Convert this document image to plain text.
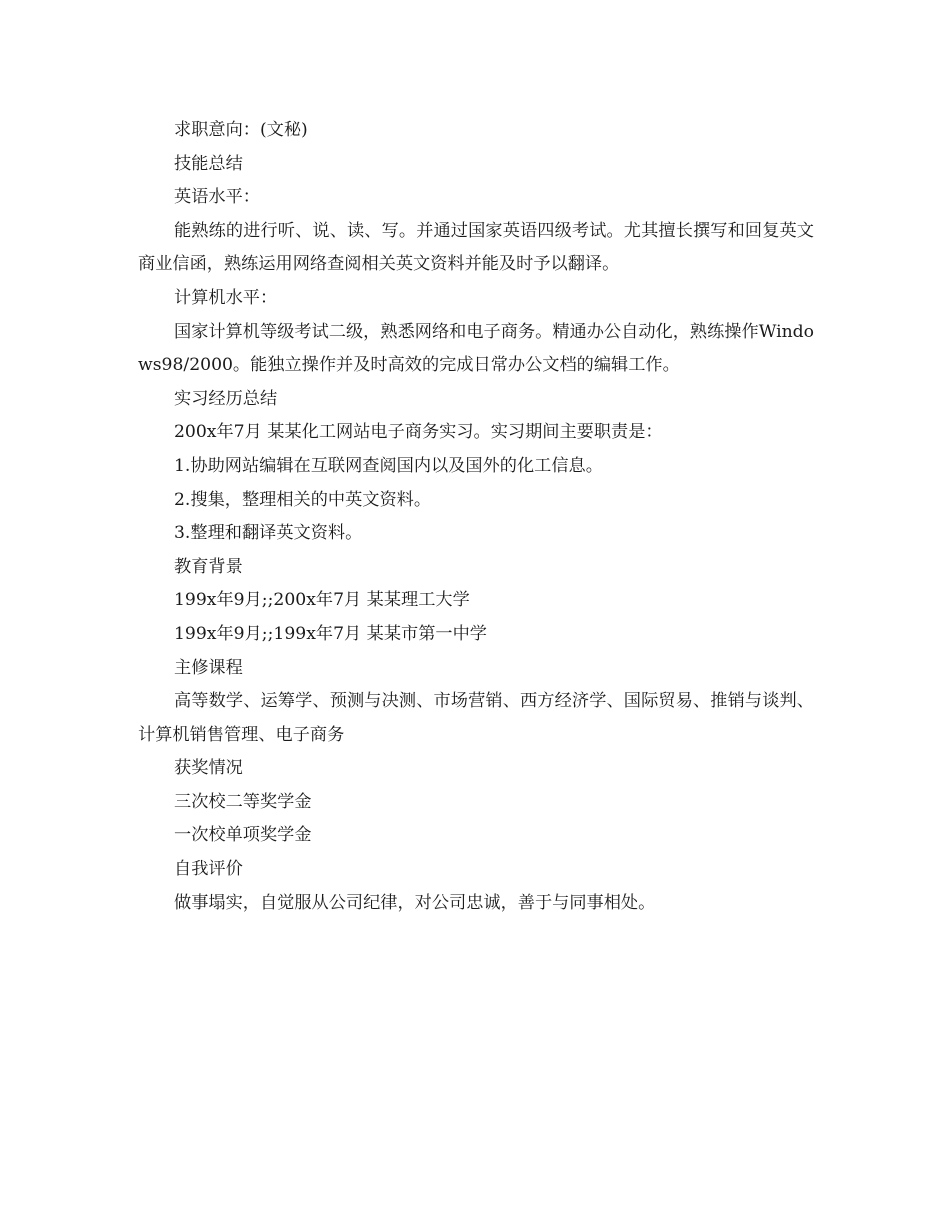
求职意向：(文秘)

技能总结

英语水平：

能熟练的进行听、说、读、写。并通过国家英语四级考试。尤其擅长撰写和回复英文商业信函，熟练运用网络查阅相关英文资料并能及时予以翻译。

计算机水平：

国家计算机等级考试二级，熟悉网络和电子商务。精通办公自动化，熟练操作Windows98/2000。能独立操作并及时高效的完成日常办公文档的编辑工作。

实习经历总结

200x年7月 某某化工网站电子商务实习。实习期间主要职责是：

1.协助网站编辑在互联网查阅国内以及国外的化工信息。

2.搜集，整理相关的中英文资料。

3.整理和翻译英文资料。

教育背景

199x年9月;;200x年7月 某某理工大学

199x年9月;;199x年7月 某某市第一中学

主修课程

高等数学、运筹学、预测与决测、市场营销、西方经济学、国际贸易、推销与谈判、计算机销售管理、电子商务

获奖情况

三次校二等奖学金

一次校单项奖学金

自我评价

做事塌实，自觉服从公司纪律，对公司忠诚，善于与同事相处。
